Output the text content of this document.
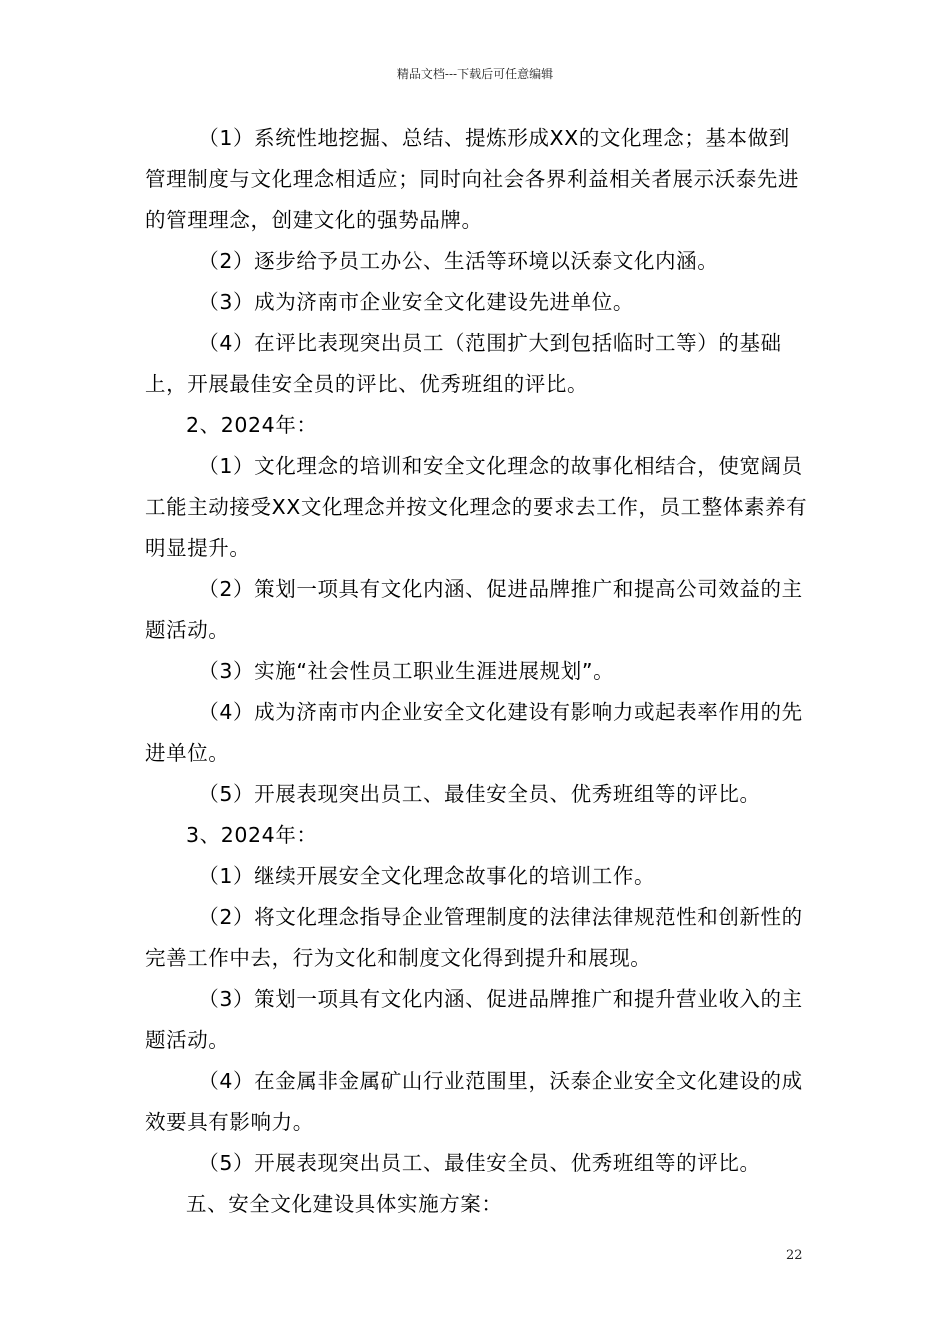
精品文档---下载后可任意编辑

（1）系统性地挖掘、总结、提炼形成XX的文化理念；基本做到管理制度与文化理念相适应；同时向社会各界利益相关者展示沃泰先进的管理理念，创建文化的强势品牌。

（2）逐步给予员工办公、生活等环境以沃泰文化内涵。

（3）成为济南市企业安全文化建设先进单位。

（4）在评比表现突出员工（范围扩大到包括临时工等）的基础上，开展最佳安全员的评比、优秀班组的评比。

2、2024年：

（1）文化理念的培训和安全文化理念的故事化相结合，使宽阔员工能主动接受XX文化理念并按文化理念的要求去工作，员工整体素养有明显提升。

（2）策划一项具有文化内涵、促进品牌推广和提高公司效益的主题活动。

（3）实施“社会性员工职业生涯进展规划”。

（4）成为济南市内企业安全文化建设有影响力或起表率作用的先进单位。

（5）开展表现突出员工、最佳安全员、优秀班组等的评比。

3、2024年：

（1）继续开展安全文化理念故事化的培训工作。

（2）将文化理念指导企业管理制度的法律法律规范性和创新性的完善工作中去，行为文化和制度文化得到提升和展现。

（3）策划一项具有文化内涵、促进品牌推广和提升营业收入的主题活动。

（4）在金属非金属矿山行业范围里，沃泰企业安全文化建设的成效要具有影响力。

（5）开展表现突出员工、最佳安全员、优秀班组等的评比。

五、安全文化建设具体实施方案：

22
